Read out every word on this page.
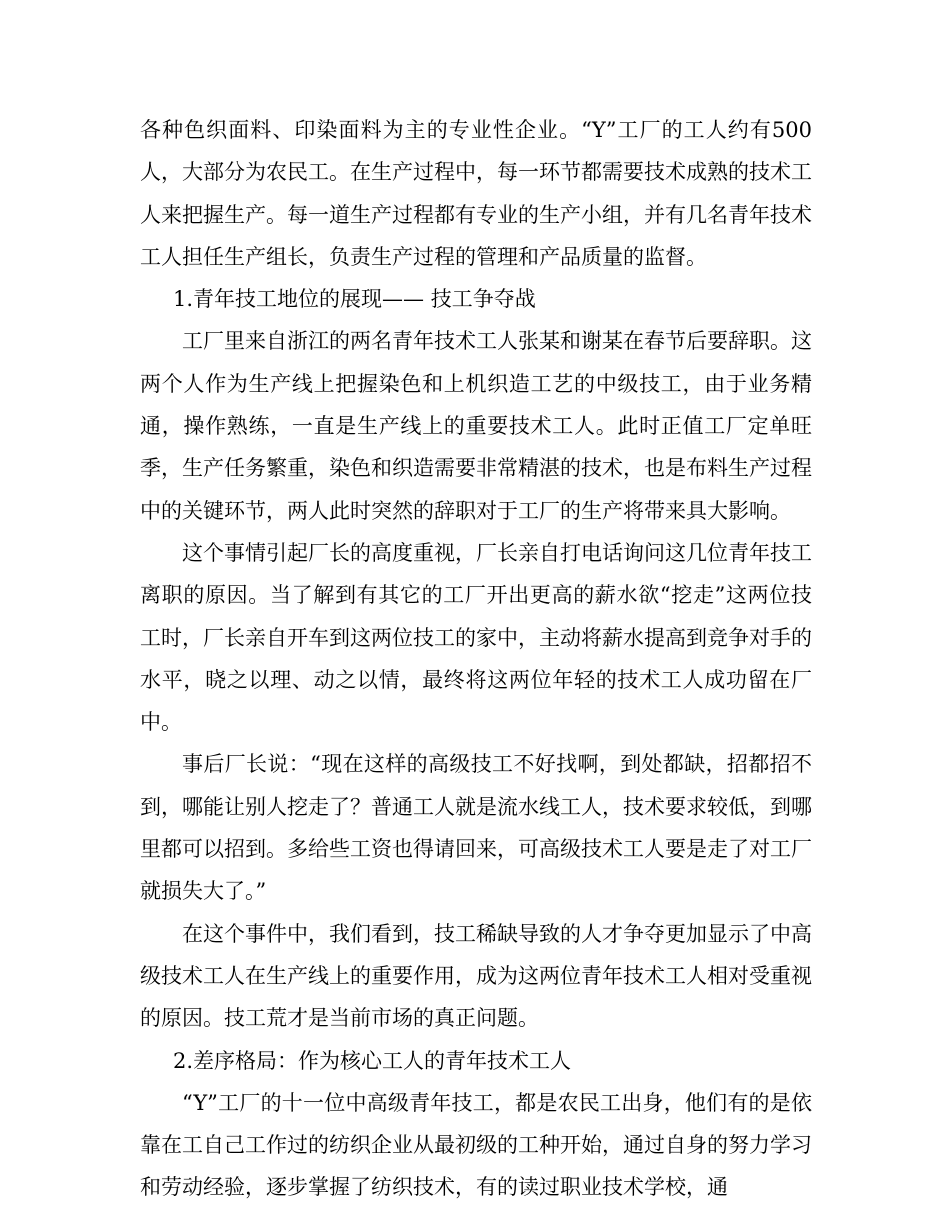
各种色织面料、印染面料为主的专业性企业。“Y”工厂的工人约有500人，大部分为农民工。在生产过程中，每一环节都需要技术成熟的技术工人来把握生产。每一道生产过程都有专业的生产小组，并有几名青年技术工人担任生产组长，负责生产过程的管理和产品质量的监督。

1.青年技工地位的展现—— 技工争夺战

工厂里来自浙江的两名青年技术工人张某和谢某在春节后要辞职。这两个人作为生产线上把握染色和上机织造工艺的中级技工，由于业务精通，操作熟练，一直是生产线上的重要技术工人。此时正值工厂定单旺季，生产任务繁重，染色和织造需要非常精湛的技术，也是布料生产过程中的关键环节，两人此时突然的辞职对于工厂的生产将带来具大影响。

这个事情引起厂长的高度重视，厂长亲自打电话询问这几位青年技工离职的原因。当了解到有其它的工厂开出更高的薪水欲“挖走”这两位技工时，厂长亲自开车到这两位技工的家中，主动将薪水提高到竞争对手的水平，晓之以理、动之以情，最终将这两位年轻的技术工人成功留在厂中。

事后厂长说：“现在这样的高级技工不好找啊，到处都缺，招都招不到，哪能让别人挖走了？普通工人就是流水线工人，技术要求较低，到哪里都可以招到。多给些工资也得请回来，可高级技术工人要是走了对工厂就损失大了。”

在这个事件中，我们看到，技工稀缺导致的人才争夺更加显示了中高级技术工人在生产线上的重要作用，成为这两位青年技术工人相对受重视的原因。技工荒才是当前市场的真正问题。

2.差序格局：作为核心工人的青年技术工人

“Y”工厂的十一位中高级青年技工，都是农民工出身，他们有的是依靠在工自己工作过的纺织企业从最初级的工种开始，通过自身的努力学习和劳动经验，逐步掌握了纺织技术，有的读过职业技术学校，通
